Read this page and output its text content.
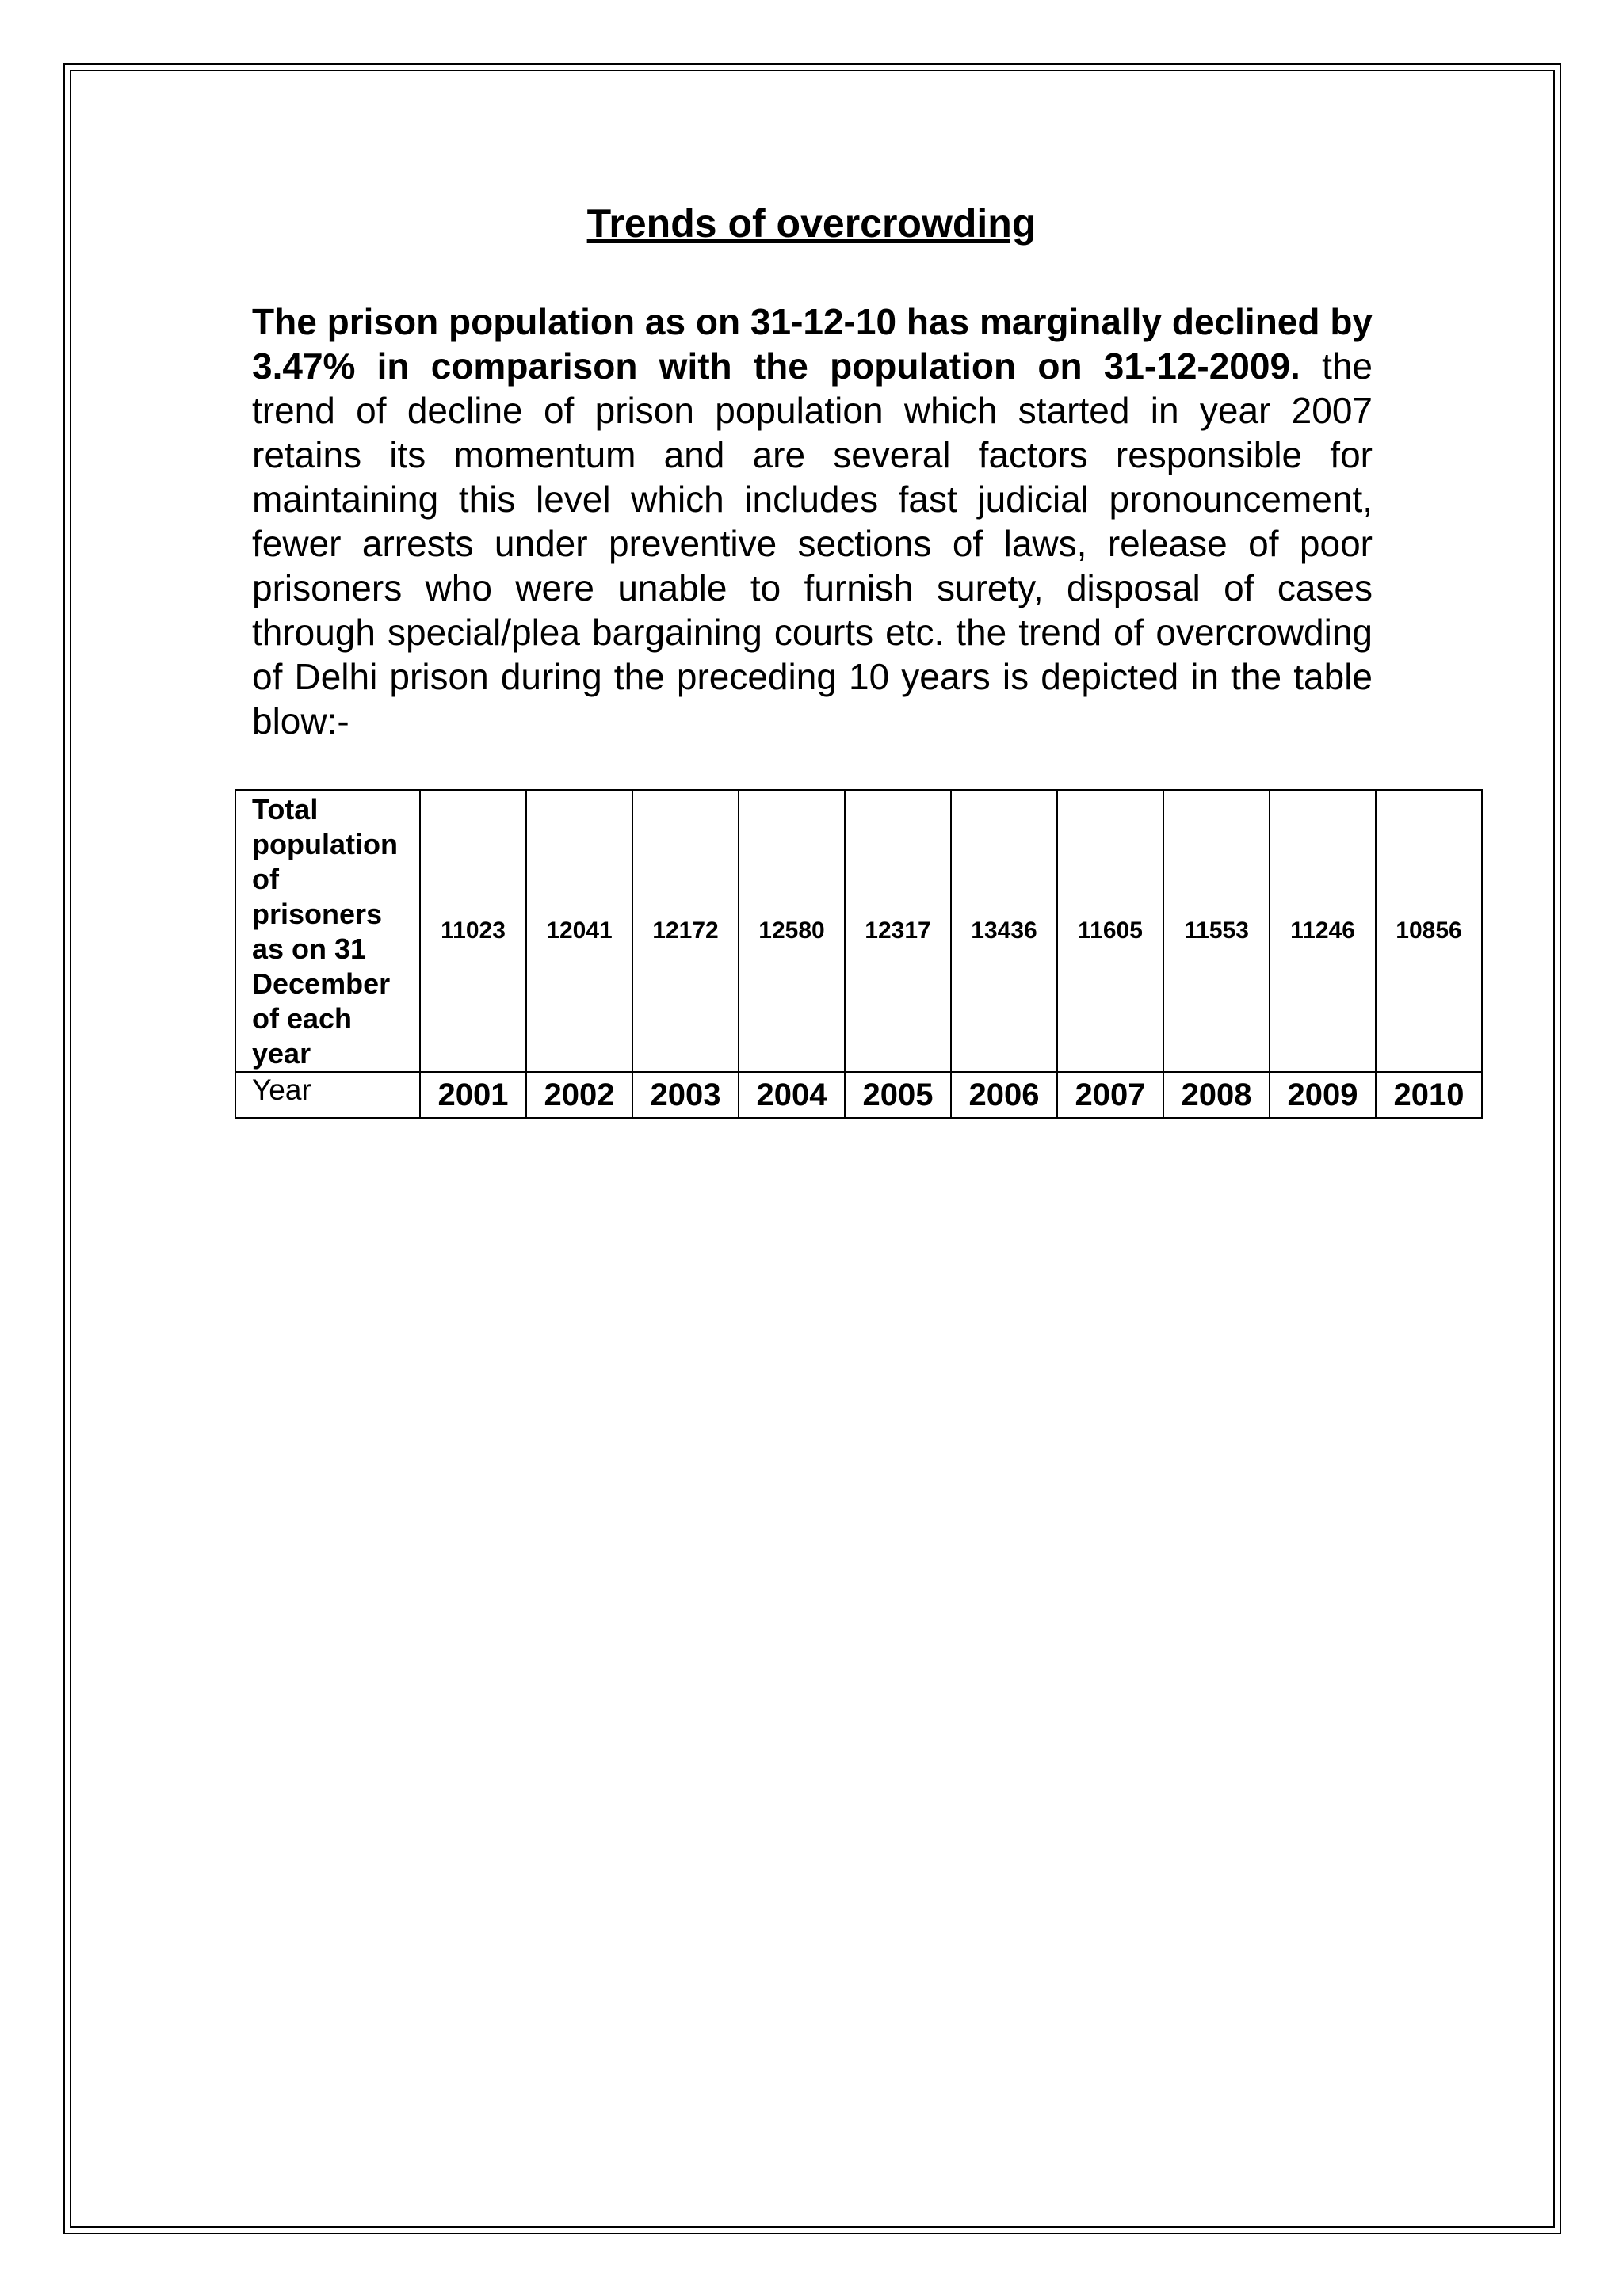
Trends of overcrowding
The prison population as on 31-12-10 has marginally declined by 3.47% in comparison with the population on 31-12-2009. the trend of decline of prison population which started in year 2007 retains its momentum and are several factors responsible for maintaining this level which includes fast judicial pronouncement, fewer arrests under preventive sections of laws, release of poor prisoners who were unable to furnish surety, disposal of cases through special/plea bargaining courts etc. the trend of overcrowding of Delhi prison during the preceding 10 years is depicted in the table blow:-
Total population of prisoners as on 31 December of each year	11023	12041	12172	12580	12317	13436	11605	11553	11246	10856
Year	2001	2002	2003	2004	2005	2006	2007	2008	2009	2010
